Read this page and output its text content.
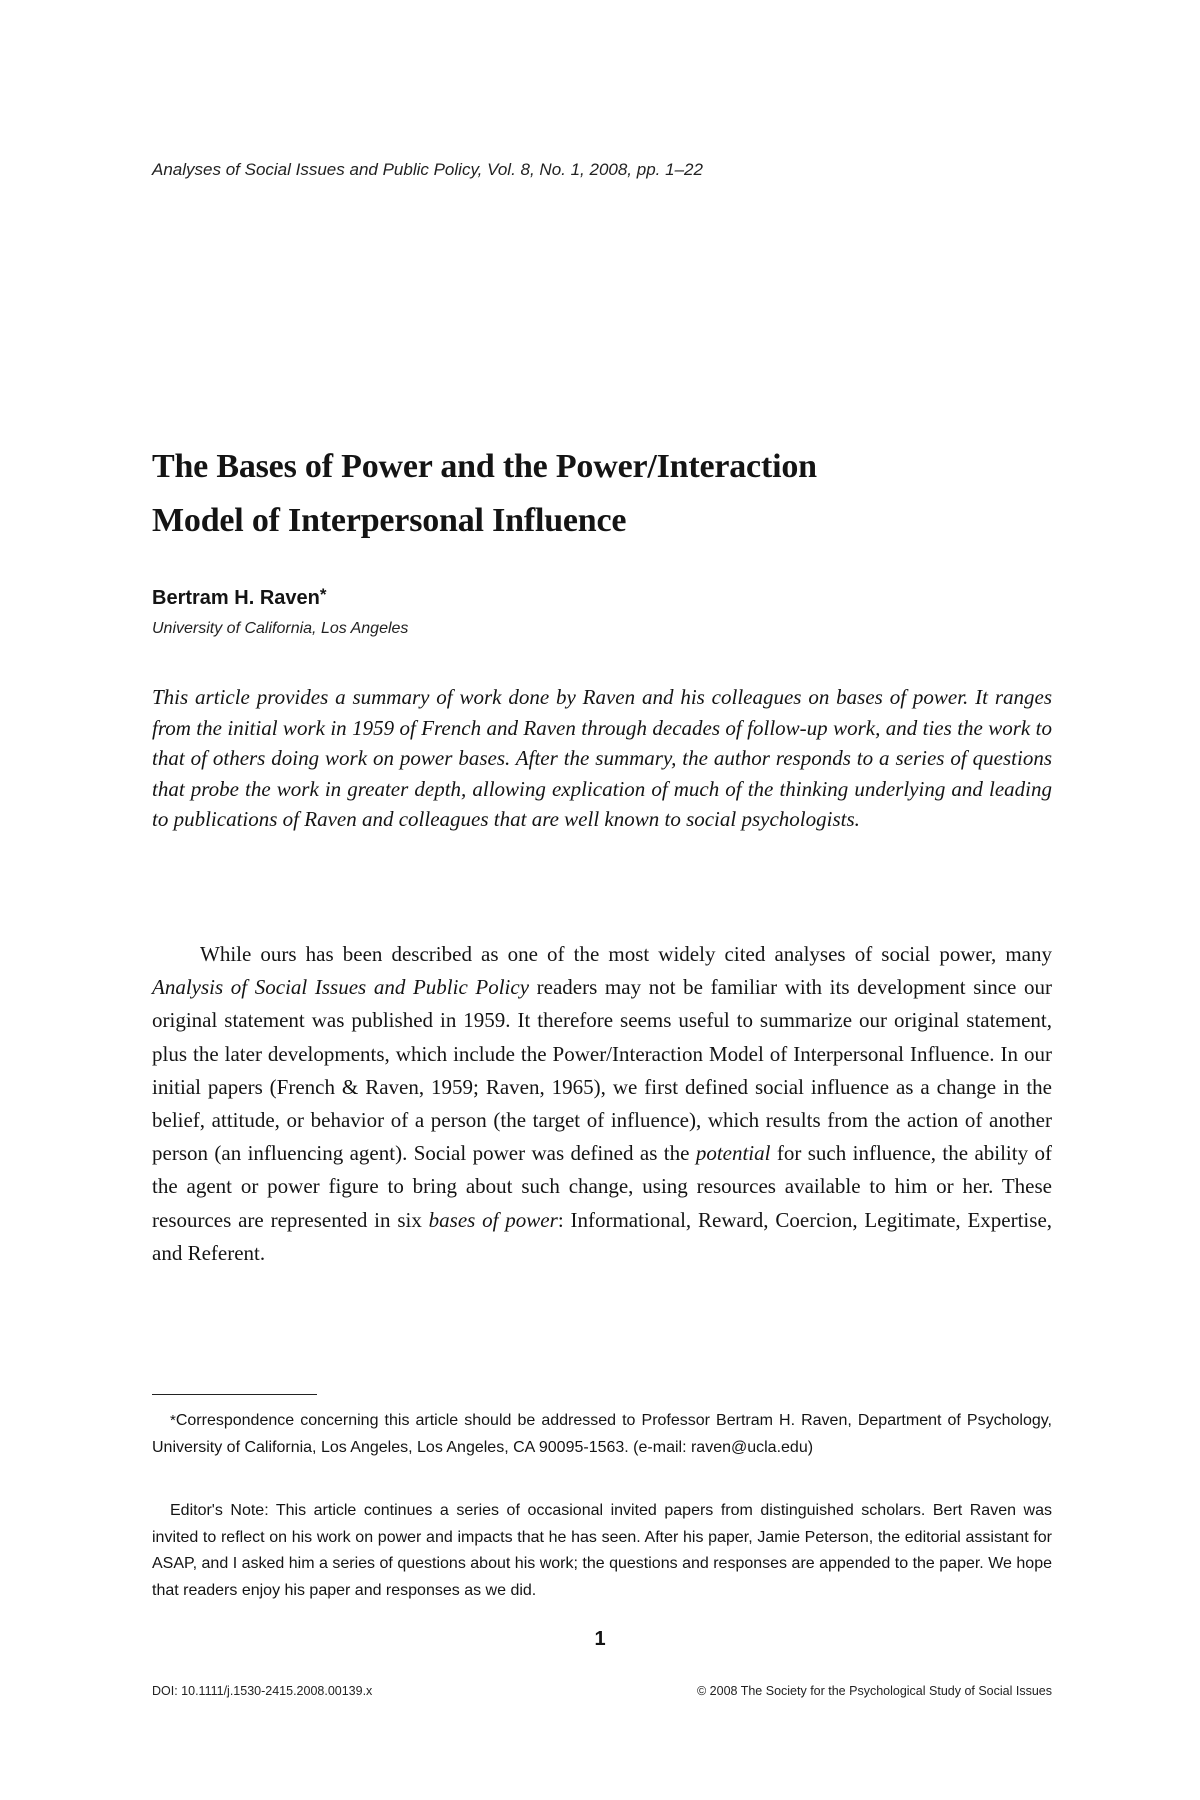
Analyses of Social Issues and Public Policy, Vol. 8, No. 1, 2008, pp. 1–22
The Bases of Power and the Power/Interaction
Model of Interpersonal Influence
Bertram H. Raven*
University of California, Los Angeles

This article provides a summary of work done by Raven and his colleagues on bases of power. It ranges from the initial work in 1959 of French and Raven through decades of follow-up work, and ties the work to that of others doing work on power bases. After the summary, the author responds to a series of questions that probe the work in greater depth, allowing explication of much of the thinking underlying and leading to publications of Raven and colleagues that are well known to social psychologists.

While ours has been described as one of the most widely cited analyses of social power, many Analysis of Social Issues and Public Policy readers may not be familiar with its development since our original statement was published in 1959. It therefore seems useful to summarize our original statement, plus the later developments, which include the Power/Interaction Model of Interpersonal Influence. In our initial papers (French & Raven, 1959; Raven, 1965), we first defined social influence as a change in the belief, attitude, or behavior of a person (the target of influence), which results from the action of another person (an influencing agent). Social power was defined as the potential for such influence, the ability of the agent or power figure to bring about such change, using resources available to him or her. These resources are represented in six bases of power: Informational, Reward, Coercion, Legitimate, Expertise, and Referent.

*Correspondence concerning this article should be addressed to Professor Bertram H. Raven, Department of Psychology, University of California, Los Angeles, Los Angeles, CA 90095-1563. (e-mail: raven@ucla.edu)

Editor's Note: This article continues a series of occasional invited papers from distinguished scholars. Bert Raven was invited to reflect on his work on power and impacts that he has seen. After his paper, Jamie Peterson, the editorial assistant for ASAP, and I asked him a series of questions about his work; the questions and responses are appended to the paper. We hope that readers enjoy his paper and responses as we did.

1
DOI: 10.1111/j.1530-2415.2008.00139.x	© 2008 The Society for the Psychological Study of Social Issues
